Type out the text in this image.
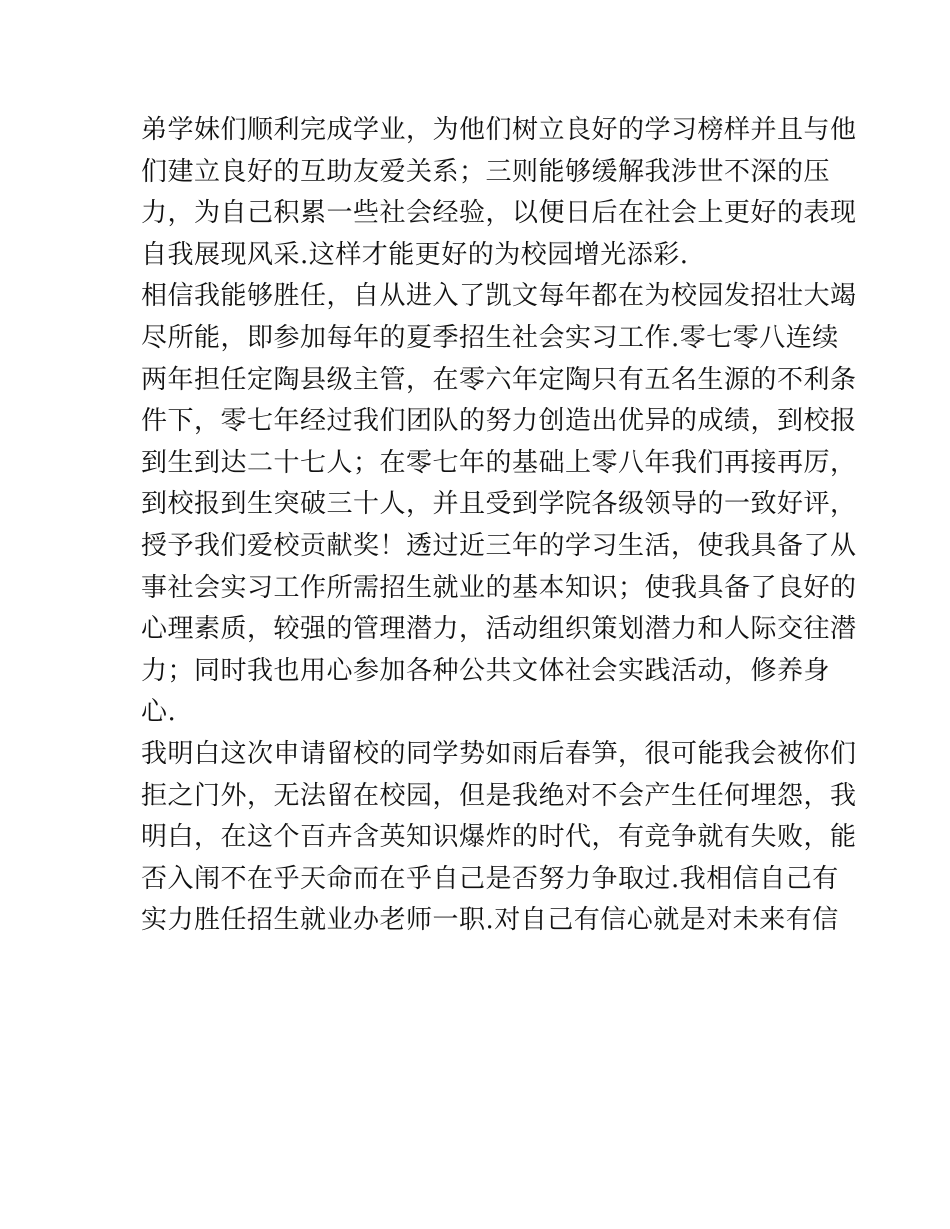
弟学妹们顺利完成学业，为他们树立良好的学习榜样并且与他
们建立良好的互助友爱关系；三则能够缓解我涉世不深的压
力，为自己积累一些社会经验，以便日后在社会上更好的表现
自我展现风采.这样才能更好的为校园增光添彩.
相信我能够胜任，自从进入了凯文每年都在为校园发招壮大竭
尽所能，即参加每年的夏季招生社会实习工作.零七零八连续
两年担任定陶县级主管，在零六年定陶只有五名生源的不利条
件下，零七年经过我们团队的努力创造出优异的成绩，到校报
到生到达二十七人；在零七年的基础上零八年我们再接再厉，
到校报到生突破三十人，并且受到学院各级领导的一致好评，
授予我们爱校贡献奖！透过近三年的学习生活，使我具备了从
事社会实习工作所需招生就业的基本知识；使我具备了良好的
心理素质，较强的管理潜力，活动组织策划潜力和人际交往潜
力；同时我也用心参加各种公共文体社会实践活动，修养身
心.
我明白这次申请留校的同学势如雨后春笋，很可能我会被你们
拒之门外，无法留在校园，但是我绝对不会产生任何埋怨，我
明白，在这个百卉含英知识爆炸的时代，有竞争就有失败，能
否入闱不在乎天命而在乎自己是否努力争取过.我相信自己有
实力胜任招生就业办老师一职.对自己有信心就是对未来有信
